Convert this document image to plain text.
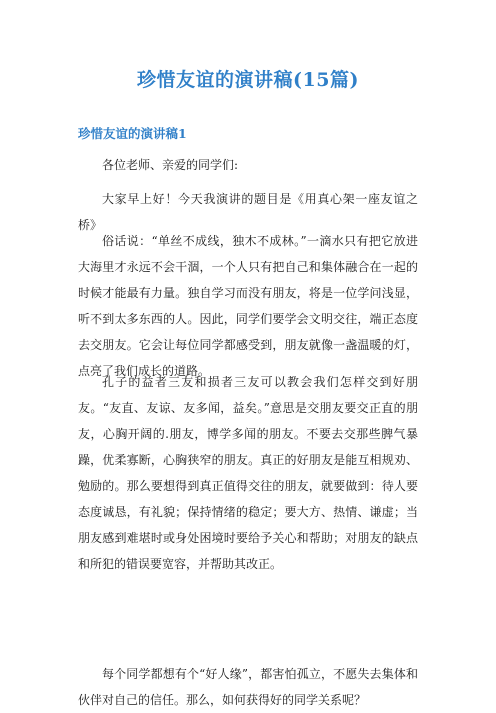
珍惜友谊的演讲稿(15篇)
珍惜友谊的演讲稿1

各位老师、亲爱的同学们:

大家早上好！今天我演讲的题目是《用真心架一座友谊之桥》

俗话说：“单丝不成线，独木不成林。”一滴水只有把它放进大海里才永远不会干涸，一个人只有把自己和集体融合在一起的时候才能最有力量。独自学习而没有朋友，将是一位学问浅显，听不到太多东西的人。因此，同学们要学会文明交往，端正态度去交朋友。它会让每位同学都感受到，朋友就像一盏温暖的灯，点亮了我们成长的道路。

孔子的益者三友和损者三友可以教会我们怎样交到好朋友。“友直、友谅、友多闻，益矣。”意思是交朋友要交正直的朋友，心胸开阔的.朋友，博学多闻的朋友。不要去交那些脾气暴躁，优柔寡断，心胸狭窄的朋友。真正的好朋友是能互相规劝、勉励的。那么要想得到真正值得交往的朋友，就要做到：待人要态度诚恳，有礼貌；保持情绪的稳定；要大方、热情、谦虚；当朋友感到难堪时或身处困境时要给予关心和帮助；对朋友的缺点和所犯的错误要宽容，并帮助其改正。

每个同学都想有个“好人缘”，都害怕孤立，不愿失去集体和伙伴对自己的信任。那么，如何获得好的同学关系呢？
